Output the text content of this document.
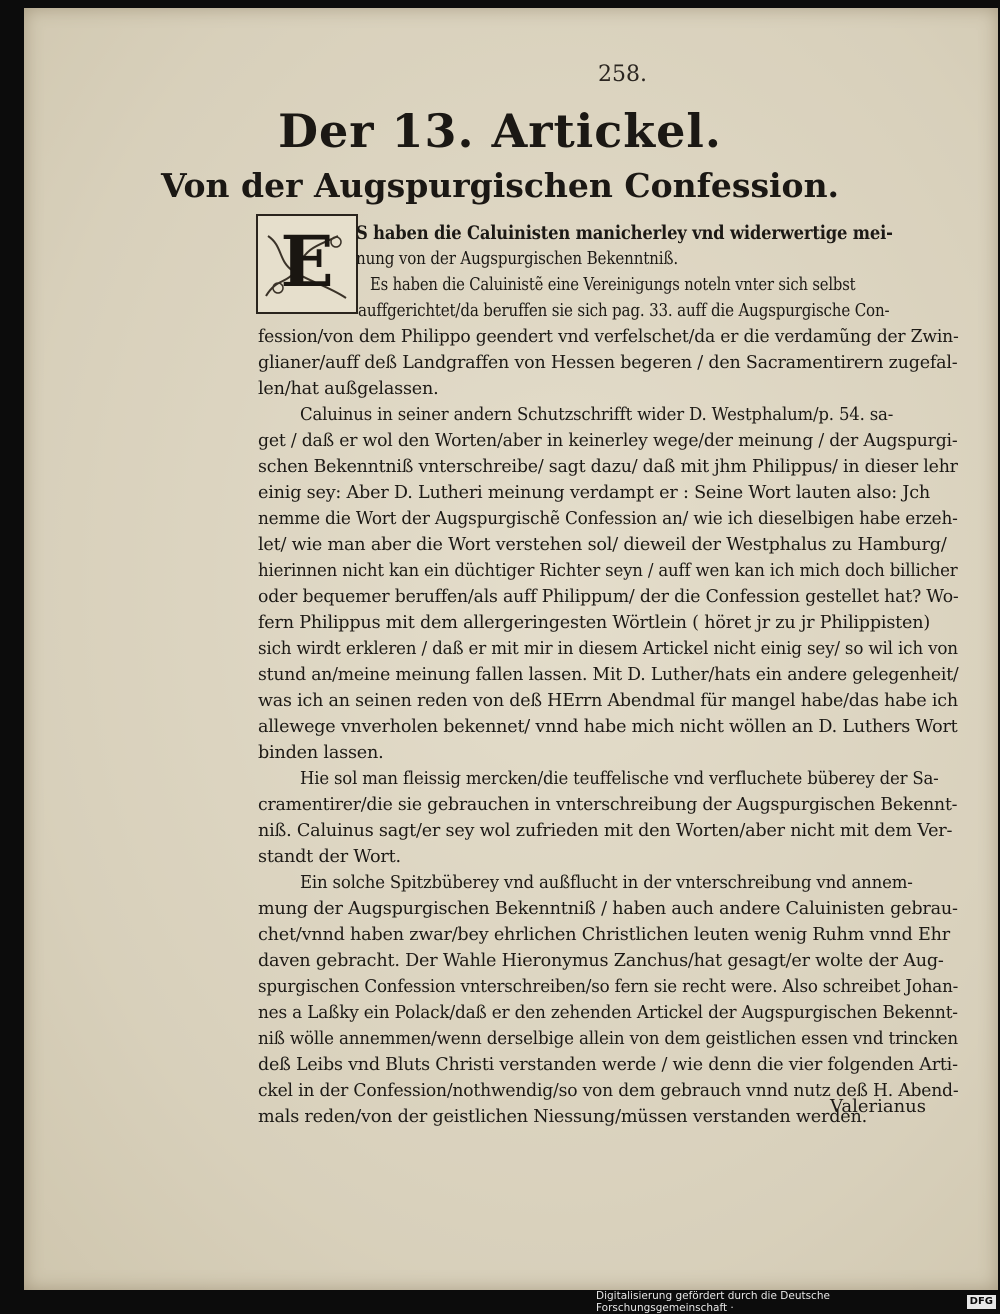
258.
Der 13. Artickel.
Von der Augspurgischen Confession.
E	S haben die Caluinisten manicherley vnd widerwertige mei-
nung von der Augspurgischen Bekenntniß.
Es haben die Caluinistẽ eine Vereinigungs noteln vnter sich selbst
auffgerichtet/da beruffen sie sich pag. 33. auff die Augspurgische Con-
fession/von dem Philippo geendert vnd verfelschet/da er die verdamũng der Zwin-
glianer/auff deß Landgraffen von Hessen begeren / den Sacramentirern zugefal-
len/hat außgelassen.
Caluinus in seiner andern Schutzschrifft wider D. Westphalum/p. 54. sa-
get / daß er wol den Worten/aber in keinerley wege/der meinung / der Augspurgi-
schen Bekenntniß vnterschreibe/ sagt dazu/ daß mit jhm Philippus/ in dieser lehr
einig sey: Aber D. Lutheri meinung verdampt er : Seine Wort lauten also: Jch
nemme die Wort der Augspurgischẽ Confession an/ wie ich dieselbigen habe erzeh-
let/ wie man aber die Wort verstehen sol/ dieweil der Westphalus zu Hamburg/
hierinnen nicht kan ein düchtiger Richter seyn / auff wen kan ich mich doch billicher
oder bequemer beruffen/als auff Philippum/ der die Confession gestellet hat? Wo-
fern Philippus mit dem allergeringesten Wörtlein ( höret jr zu jr Philippisten)
sich wirdt erkleren / daß er mit mir in diesem Artickel nicht einig sey/ so wil ich von
stund an/meine meinung fallen lassen. Mit D. Luther/hats ein andere gelegenheit/
was ich an seinen reden von deß HErrn Abendmal für mangel habe/das habe ich
allewege vnverholen bekennet/ vnnd habe mich nicht wöllen an D. Luthers Wort
binden lassen.
Hie sol man fleissig mercken/die teuffelische vnd verfluchete büberey der Sa-
cramentirer/die sie gebrauchen in vnterschreibung der Augspurgischen Bekennt-
niß. Caluinus sagt/er sey wol zufrieden mit den Worten/aber nicht mit dem Ver-
standt der Wort.
Ein solche Spitzbüberey vnd außflucht in der vnterschreibung vnd annem-
mung der Augspurgischen Bekenntniß / haben auch andere Caluinisten gebrau-
chet/vnnd haben zwar/bey ehrlichen Christlichen leuten wenig Ruhm vnnd Ehr
daven gebracht. Der Wahle Hieronymus Zanchus/hat gesagt/er wolte der Aug-
spurgischen Confession vnterschreiben/so fern sie recht were. Also schreibet Johan-
nes a Laßky ein Polack/daß er den zehenden Artickel der Augspurgischen Bekennt-
niß wölle annemmen/wenn derselbige allein von dem geistlichen essen vnd trincken
deß Leibs vnd Bluts Christi verstanden werde / wie denn die vier folgenden Arti-
ckel in der Confession/nothwendig/so von dem gebrauch vnnd nutz deß H. Abend-
mals reden/von der geistlichen Niessung/müssen verstanden werden.
Valerianus
Digitalisierung gefördert durch die Deutsche Forschungsgemeinschaft ·
DFG
